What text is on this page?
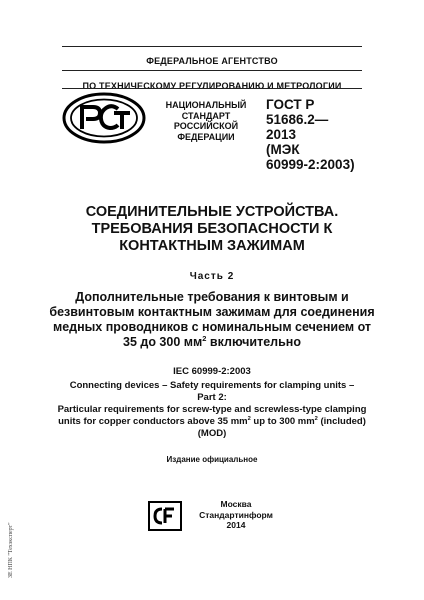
ФЕДЕРАЛЬНОЕ АГЕНТСТВО
ПО ТЕХНИЧЕСКОМУ РЕГУЛИРОВАНИЮ И МЕТРОЛОГИИ
НАЦИОНАЛЬНЫЙ
СТАНДАРТ
РОССИЙСКОЙ
ФЕДЕРАЦИИ
ГОСТ Р
51686.2—
2013
(МЭК
60999-2:2003)
СОЕДИНИТЕЛЬНЫЕ УСТРОЙСТВА.
ТРЕБОВАНИЯ БЕЗОПАСНОСТИ К
КОНТАКТНЫМ ЗАЖИМАМ
Часть 2
Дополнительные требования к винтовым и
безвинтовым контактным зажимам для соединения
медных проводников с номинальным сечением от
35 до 300 $мм^2$ включительно
IEC 60999-2:2003
Connecting devices – Safety requirements for clamping units –
Part 2:
Particular requirements for screw-type and screwless-type clamping
units for copper conductors above 35 $mm^2$ up to 300 $mm^2$ (included)
(MOD)
Издание официальное
Москва
Стандартинформ
2014
ЗЕ НПК "Техэксперт"
